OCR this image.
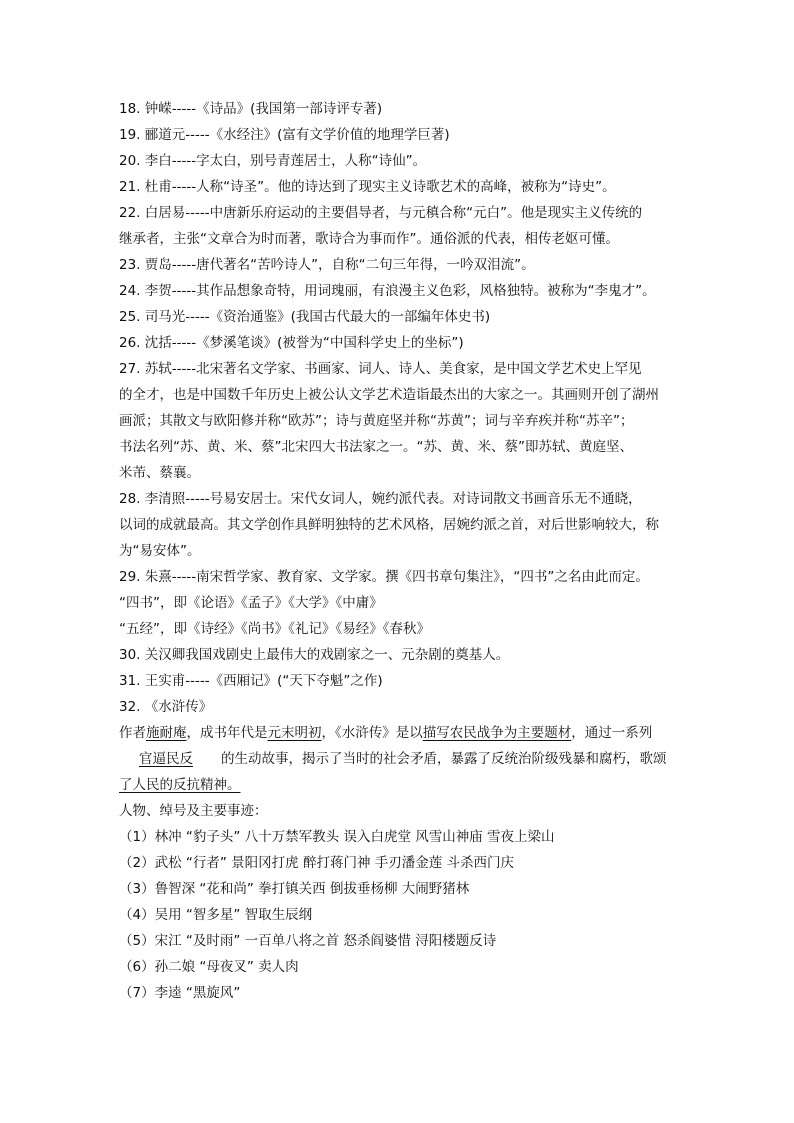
18. 钟嵘-----《诗品》(我国第一部诗评专著)
19. 郦道元-----《水经注》(富有文学价值的地理学巨著)
20. 李白-----字太白，别号青莲居士，人称“诗仙”。
21. 杜甫-----人称“诗圣”。他的诗达到了现实主义诗歌艺术的高峰，被称为“诗史”。
22. 白居易-----中唐新乐府运动的主要倡导者，与元稹合称“元白”。他是现实主义传统的
继承者，主张“文章合为时而著，歌诗合为事而作”。通俗派的代表，相传老妪可懂。
23. 贾岛-----唐代著名“苦吟诗人”，自称“二句三年得，一吟双泪流”。
24. 李贺-----其作品想象奇特，用词瑰丽，有浪漫主义色彩，风格独特。被称为“李鬼才”。
25. 司马光-----《资治通鉴》(我国古代最大的一部编年体史书)
26. 沈括-----《梦溪笔谈》(被誉为“中国科学史上的坐标”)
27. 苏轼-----北宋著名文学家、书画家、词人、诗人、美食家，是中国文学艺术史上罕见
的全才，也是中国数千年历史上被公认文学艺术造诣最杰出的大家之一。其画则开创了湖州
画派；其散文与欧阳修并称“欧苏”；诗与黄庭坚并称“苏黄”；词与辛弃疾并称“苏辛”；
书法名列“苏、黄、米、蔡”北宋四大书法家之一。“苏、黄、米、蔡”即苏轼、黄庭坚、
米芾、蔡襄。
28. 李清照-----号易安居士。宋代女词人，婉约派代表。对诗词散文书画音乐无不通晓，
以词的成就最高。其文学创作具鲜明独特的艺术风格，居婉约派之首，对后世影响较大，称
为“易安体”。
29. 朱熹-----南宋哲学家、教育家、文学家。撰《四书章句集注》，“四书”之名由此而定。
“四书”，即《论语》《孟子》《大学》《中庸》
“五经”，即《诗经》《尚书》《礼记》《易经》《春秋》
30. 关汉卿我国戏剧史上最伟大的戏剧家之一、元杂剧的奠基人。
31. 王实甫-----《西厢记》(“天下夺魁”之作)
32. 《水浒传》
作者施耐庵，成书年代是元末明初，《水浒传》是以描写农民战争为主要题材，通过一系列
官逼民反 的生动故事，揭示了当时的社会矛盾，暴露了反统治阶级残暴和腐朽，歌颂
了人民的反抗精神。
人物、绰号及主要事迹：
（1）林冲 “豹子头” 八十万禁军教头 误入白虎堂 风雪山神庙 雪夜上梁山
（2）武松 “行者” 景阳冈打虎 醉打蒋门神 手刃潘金莲 斗杀西门庆
（3）鲁智深 “花和尚” 拳打镇关西 倒拔垂杨柳 大闹野猪林
（4）吴用 “智多星” 智取生辰纲
（5）宋江 “及时雨” 一百单八将之首 怒杀阎婆惜 浔阳楼题反诗
（6）孙二娘 “母夜叉” 卖人肉
（7）李逵 “黑旋风”
